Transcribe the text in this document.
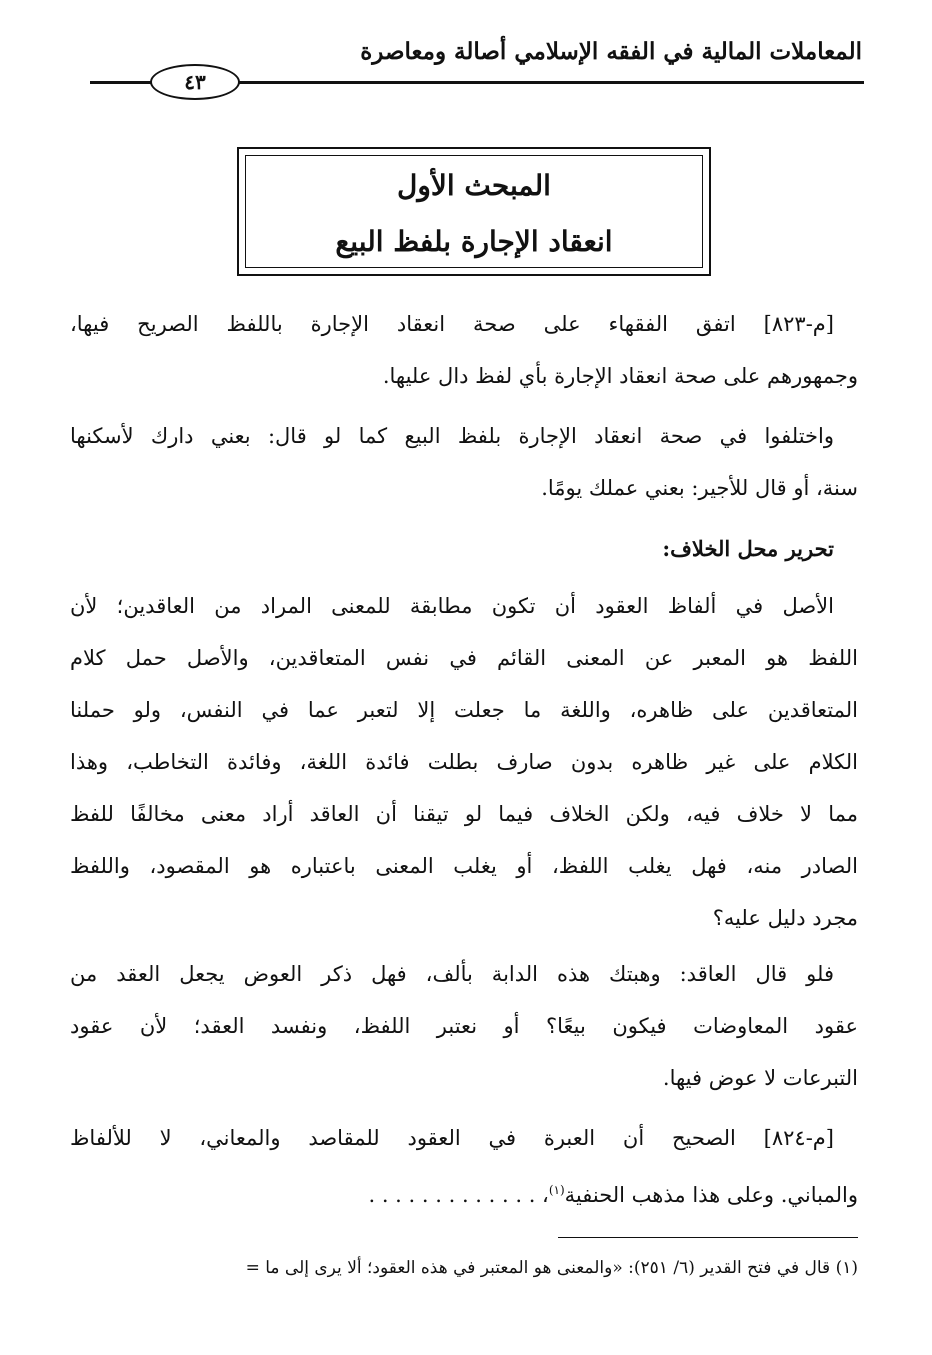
المعاملات المالية في الفقه الإسلامي أصالة ومعاصرة
٤٣
المبحث الأول
انعقاد الإجارة بلفظ البيع
[م-٨٢٣] اتفق الفقهاء على صحة انعقاد الإجارة باللفظ الصريح فيها،
وجمهورهم على صحة انعقاد الإجارة بأي لفظ دال عليها.
واختلفوا في صحة انعقاد الإجارة بلفظ البيع كما لو قال: بعني دارك لأسكنها
سنة، أو قال للأجير: بعني عملك يومًا.
تحرير محل الخلاف:
الأصل في ألفاظ العقود أن تكون مطابقة للمعنى المراد من العاقدين؛ لأن
اللفظ هو المعبر عن المعنى القائم في نفس المتعاقدين، والأصل حمل كلام
المتعاقدين على ظاهره، واللغة ما جعلت إلا لتعبر عما في النفس، ولو حملنا
الكلام على غير ظاهره بدون صارف بطلت فائدة اللغة، وفائدة التخاطب، وهذا
مما لا خلاف فيه، ولكن الخلاف فيما لو تيقنا أن العاقد أراد معنى مخالفًا للفظ
الصادر منه، فهل يغلب اللفظ، أو يغلب المعنى باعتباره هو المقصود، واللفظ
مجرد دليل عليه؟
فلو قال العاقد: وهبتك هذه الدابة بألف، فهل ذكر العوض يجعل العقد من
عقود المعاوضات فيكون بيعًا؟ أو نعتبر اللفظ، ونفسد العقد؛ لأن عقود
التبرعات لا عوض فيها.
[م-٨٢٤] الصحيح أن العبرة في العقود للمقاصد والمعاني، لا للألفاظ
والمباني. وعلى هذا مذهب الحنفية$^{(١)}$، . . . . . . . . . . . . .
(١) قال في فتح القدير (٦/ ٢٥١): «والمعنى هو المعتبر في هذه العقود؛ ألا يرى إلى ما =
